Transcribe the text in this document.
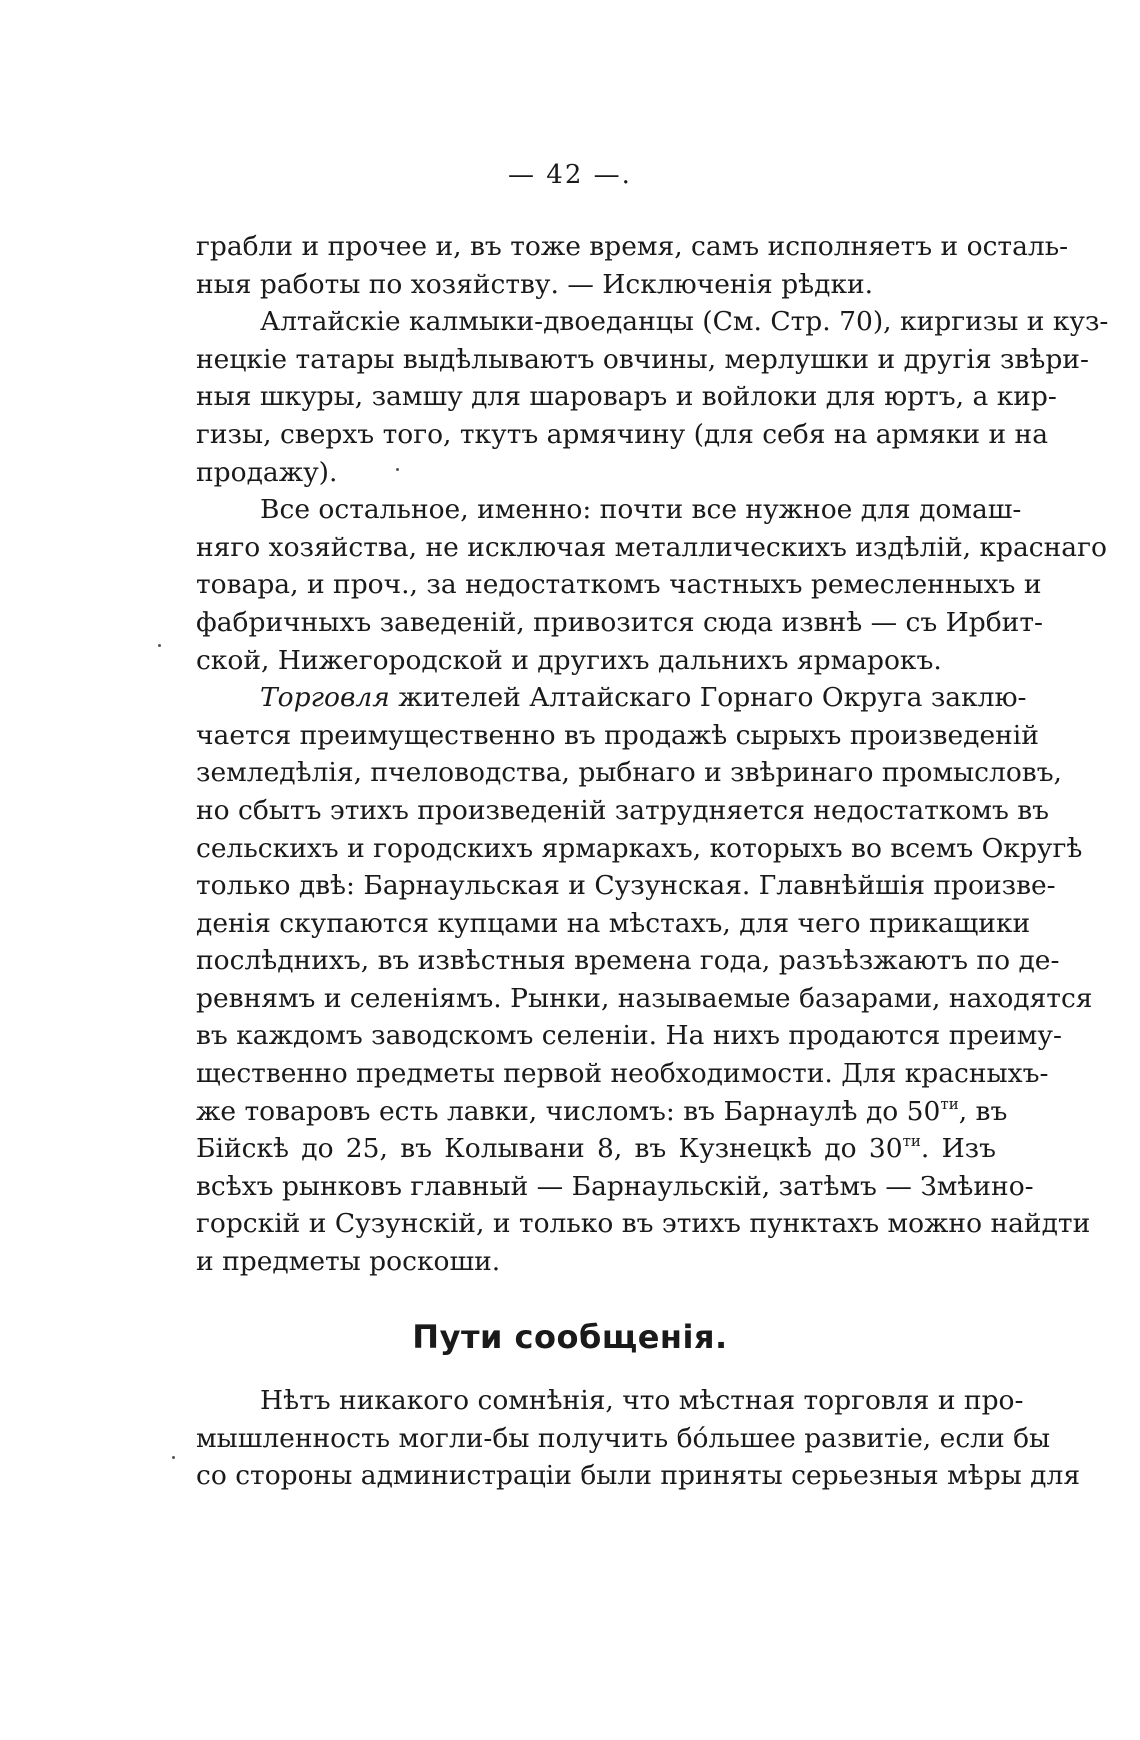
— 42 —.
грабли и прочее и, въ тоже время, самъ исполняетъ и осталь-
ныя работы по хозяйству. — Исключенія рѣдки.
Алтайскіе калмыки-двоеданцы (См. Стр. 70), киргизы и куз-
нецкіе татары выдѣлываютъ овчины, мерлушки и другія звѣри-
ныя шкуры, замшу для шароваръ и войлоки для юртъ, а кир-
гизы, сверхъ того, ткутъ армячину (для себя на армяки и на
продажу).
Все остальное, именно: почти все нужное для домаш-
няго хозяйства, не исключая металлическихъ издѣлій, краснаго
товара, и проч., за недостаткомъ частныхъ ремесленныхъ и
фабричныхъ заведеній, привозится сюда извнѣ — съ Ирбит-
ской, Нижегородской и другихъ дальнихъ ярмарокъ.
Торговля жителей Алтайскаго Горнаго Округа заклю-
чается преимущественно въ продажѣ сырыхъ произведеній
земледѣлія, пчеловодства, рыбнаго и звѣринаго промысловъ,
но сбытъ этихъ произведеній затрудняется недостаткомъ въ
сельскихъ и городскихъ ярмаркахъ, которыхъ во всемъ Округѣ
только двѣ: Барнаульская и Сузунская. Главнѣйшія произве-
денія скупаются купцами на мѣстахъ, для чего прикащики
послѣднихъ, въ извѣстныя времена года, разъѣзжаютъ по де-
ревнямъ и селеніямъ. Рынки, называемые базарами, находятся
въ каждомъ заводскомъ селеніи. На нихъ продаются преиму-
щественно предметы первой необходимости. Для красныхъ-
же товаровъ есть лавки, числомъ: въ Барнаулѣ до $50^{ти}$, въ
Бійскѣ до 25, въ Колывани 8, въ Кузнецкѣ до $30^{ти}$. Изъ
всѣхъ рынковъ главный — Барнаульскій, затѣмъ — Змѣино-
горскій и Сузунскій, и только въ этихъ пунктахъ можно найдти
и предметы роскоши.
Пути сообщенія.
Нѣтъ никакого сомнѣнія, что мѣстная торговля и про-
мышленность могли-бы получить бо́льшее развитіе, если бы
со стороны администраціи были приняты серьезныя мѣры для
